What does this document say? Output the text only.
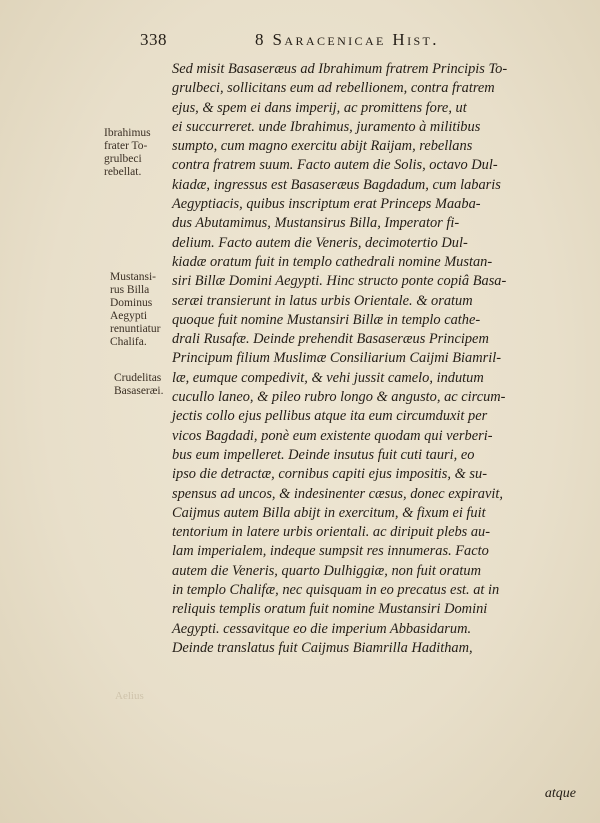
338	8 Saracenicae Hist.
Ibrahimus
frater To-
grulbeci
rebellat.
Mustansi-
rus Billa
Dominus
Aegypti
renuntiatur
Chalifa.
Crudelitas
Basaseræi.
Aelius
Sed misit Basaseræus ad Ibrahimum fratrem Principis To-
grulbeci, sollicitans eum ad rebellionem, contra fratrem
ejus, & spem ei dans imperij, ac promittens fore, ut
ei succurreret. unde Ibrahimus, juramento à militibus
sumpto, cum magno exercitu abijt Raijam, rebellans
contra fratrem suum. Facto autem die Solis, octavo Dul-
kiadæ, ingressus est Basaseræus Bagdadum, cum labaris
Aegyptiacis, quibus inscriptum erat Princeps Maaba-
dus Abutamimus, Mustansirus Billa, Imperator fi-
delium. Facto autem die Veneris, decimotertio Dul-
kiadæ oratum fuit in templo cathedrali nomine Mustan-
siri Billæ Domini Aegypti. Hinc structo ponte copiâ Basa-
seræi transierunt in latus urbis Orientale. & oratum
quoque fuit nomine Mustansiri Billæ in templo cathe-
drali Rusafæ. Deinde prehendit Basaseræus Principem
Principum filium Muslimæ Consiliarium Caijmi Biamril-
læ, eumque compedivit, & vehi jussit camelo, indutum
cucullo laneo, & pileo rubro longo & angusto, ac circum-
jectis collo ejus pellibus atque ita eum circumduxit per
vicos Bagdadi, ponè eum existente quodam qui verberi-
bus eum impelleret. Deinde insutus fuit cuti tauri, eo
ipso die detractæ, cornibus capiti ejus impositis, & su-
spensus ad uncos, & indesinenter cæsus, donec expiravit,
Caijmus autem Billa abijt in exercitum, & fixum ei fuit
tentorium in latere urbis orientali. ac diripuit plebs au-
lam imperialem, indeque sumpsit res innumeras. Facto
autem die Veneris, quarto Dulhiggiæ, non fuit oratum
in templo Chalifæ, nec quisquam in eo precatus est. at in
reliquis templis oratum fuit nomine Mustansiri Domini
Aegypti. cessavitque eo die imperium Abbasidarum.
Deinde translatus fuit Caijmus Biamrilla Haditham,
atque
